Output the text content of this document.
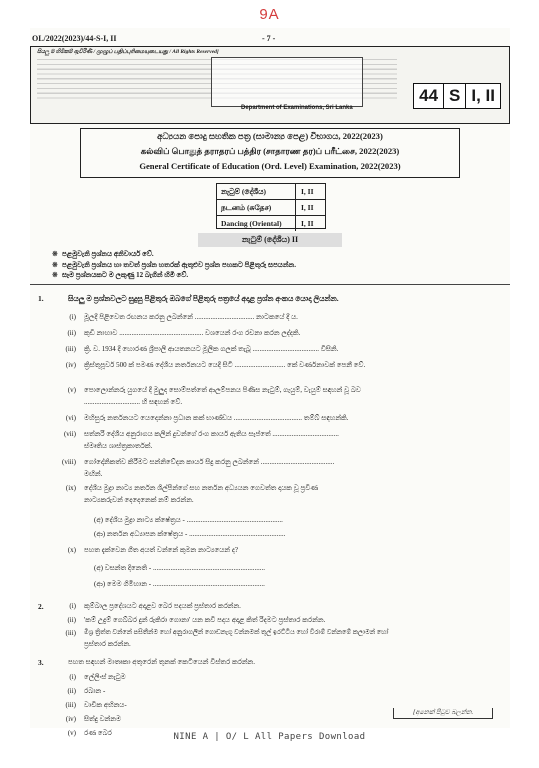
9A
OL/2022(2023)/44-S-I, II	- 7 -
සියලු ම හිමිකම් ඇවිරිණි / முழுப் பதிப்புரிமையுடையது / All Rights Reserved]
Department of Examinations, Sri Lanka
44 S I, II
අධ්‍යයන පොදු සහතික පත්‍ර (සාමාන්‍ය පෙළ) විභාගය, 2022(2023)
கல்விப் பொதுத் தராதரப் பத்திர (சாதாரண தர)ப் பரீட்சை, 2022(2023)
General Certificate of Education (Ord. Level) Examination, 2022(2023)
නැටුම් (දේශීය)	I, II
நடனம் (சுதேச)	I, II
Dancing (Oriental)	I, II
නැටුම් (දේශීය) II
※ පළමුවැනි ප්‍රශ්නය අනිවාර්ය වේ.
※ පළමුවැනි ප්‍රශ්නය හා තවත් ප්‍රශ්න හතරක් ඇතුළුව ප්‍රශ්න පහකට පිළිතුරු සපයන්න.
※ සෑම ප්‍රශ්නයකට ම ලකුණු 12 බැගින් හිමි වේ.
1.	සියලු ම ප්‍රශ්නවලට සුදුසු පිළිතුරු ඔබගේ පිළිතුරු පත්‍රයේ අදාළ ප්‍රශ්න අංකය යොදා ලියන්න.
(i) මූලදී පිළිවෙත රඟනය කරනු ලබන්නේ .................................. නාටකයේ දී ය.
(ii) කුඩී නාහාව ................................................ වශයෙන් රංග රචනා කරන ලද්දකි.
(iii) ක්‍රි. ව. 1934 දී හොරණ ශ්‍රීපාලි ආයතනයට මූලික ගලක් තැබූ ...................................... විසිනි.
(iv) ක්‍රිස්තුපූර්ව 500 ක් පමණ දේශීය නර්තනයට යෙදී සිටි ............................. කේ වර්ණනාවක් පෙනී වේ.
(v) පොලොන්නරු යුගයේ දී මුලුද සොම්පත්තේ ආලම්පනය පිණිස නැටුම්, ගැයුම්, වැයුම් සඳහන් වූ බව
................................ හි සඳහන් වේ.
(vi) මහිසුරු නර්තනයට යෙදෙන්නා ප්‍රධාන කක් භාණ්ඩය ....................................... තම්බ් සඳහන්කි.
(vii) සත්නරි දේශීය අනුරාගය කලින් දුවන්ගේ රංග කාර්ය ඇතිය සැප්තේ ......................................
ස්මෘතිය ශාස්ත්‍රකාර්තක්.
(viii) ගෝදෝනිකත්ව කිරීමට සන්නිවේදන කාර්ය සිදු කරනු ලබන්නේ ..........................................
මඟින්.
(ix) දේශීය මුද්‍රා නාට්‍ය නර්තන ශිල්පීන්ගේ සහ නර්තන අධ්‍යයන ගෙවත්ත දායක වූ ප්‍රවීණ
නාට්‍යකරුවන් දෙදෙනෙක් නම් කරන්න.
(අ) දේශීය මුද්‍රා නාට්‍ය ක්ෂේත්‍රය - .......................................................
(ආ) නර්තන අධ්‍යාපන ක්ෂේත්‍රය - .......................................................
(x) පහත දැක්වෙන ගීත අයත් වන්නේ කුමන නාට්‍යයෙන් ද?
(අ) වසන්ත දිනෙති - ................................................................
(ආ) මෙම ගිමිහාන - ................................................................
2.	(i) කුම්බාල ප්‍රදේශයට අදාළව බෙර පදයක් ප්‍රස්තාර කරන්න.
(ii) 'කම් උදුම් ගෙබ්බර දුන් රුකිරා ගොනා' යන කවි පදය අදාළ කිත් රිදමට ප්‍රස්තාර කරන්න.
(iii) මිශ්‍ර ත්‍රිත්ත වන්නේ පසිතීන්ම හෝ අනුරාගලින් ගොඩනැගූ වන්නමක් තුල් ඉරට්ටිය හෝ විරාම් වන්නමේ කලාමන් හෝ
ප්‍රස්තාර කරන්න.
3.	පහත සඳහන් මාතෘකා අතුරෙන් තුනක් කෙටියෙන් විස්තර කරන්න.
(i) ලේලිංස් නැටුම
(ii) රබාන -
(iii) වාචික අභිනය-
(iv) සිත්දු වන්නම
(v) රණ බෙර
[අනෙක් පිටුව බලන්න.
NINE A | O/ L All Papers Download
